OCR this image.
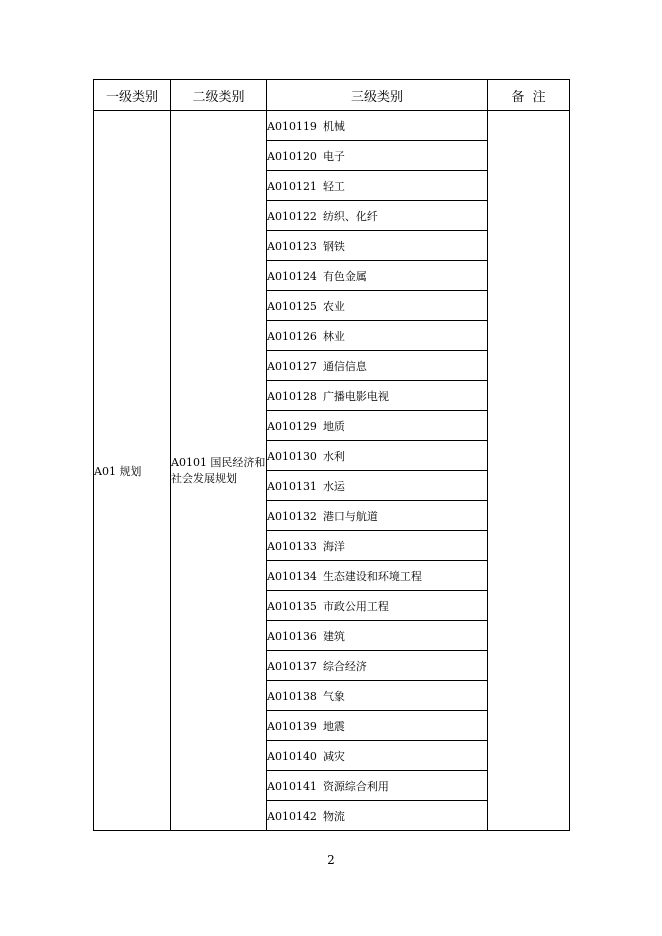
一级类别	二级类别	三级类别	备  注
A01 规划	A0101 国民经济和社会发展规划	A010119 机械	
		A010120 电子	
		A010121 轻工	
		A010122 纺织、化纤	
		A010123 钢铁	
		A010124 有色金属	
		A010125 农业	
		A010126 林业	
		A010127 通信信息	
		A010128 广播电影电视	
		A010129 地质	
		A010130 水利	
		A010131 水运	
		A010132 港口与航道	
		A010133 海洋	
		A010134 生态建设和环境工程	
		A010135 市政公用工程	
		A010136 建筑	
		A010137 综合经济	
		A010138 气象	
		A010139 地震	
		A010140 减灾	
		A010141 资源综合利用	
		A010142 物流	
2
